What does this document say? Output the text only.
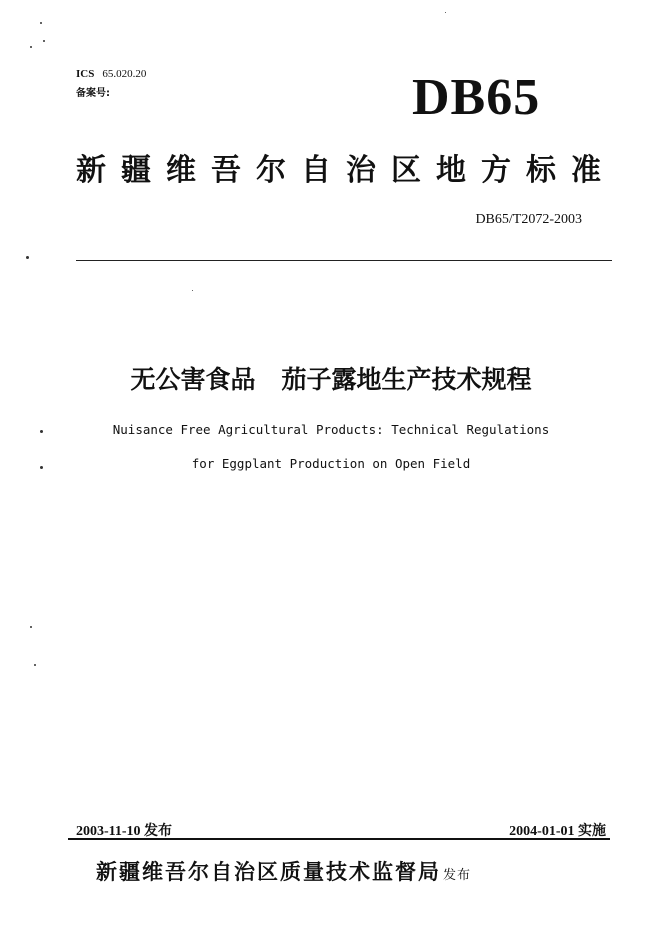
ICS 65.020.20
备案号:	DB65
新疆维吾尔自治区地方标准
DB65/T2072-2003
无公害食品   茄子露地生产技术规程
Nuisance Free Agricultural Products: Technical Regulations
for Eggplant Production on Open Field
2003-11-10 发布	2004-01-01 实施
新疆维吾尔自治区质量技术监督局 发布
